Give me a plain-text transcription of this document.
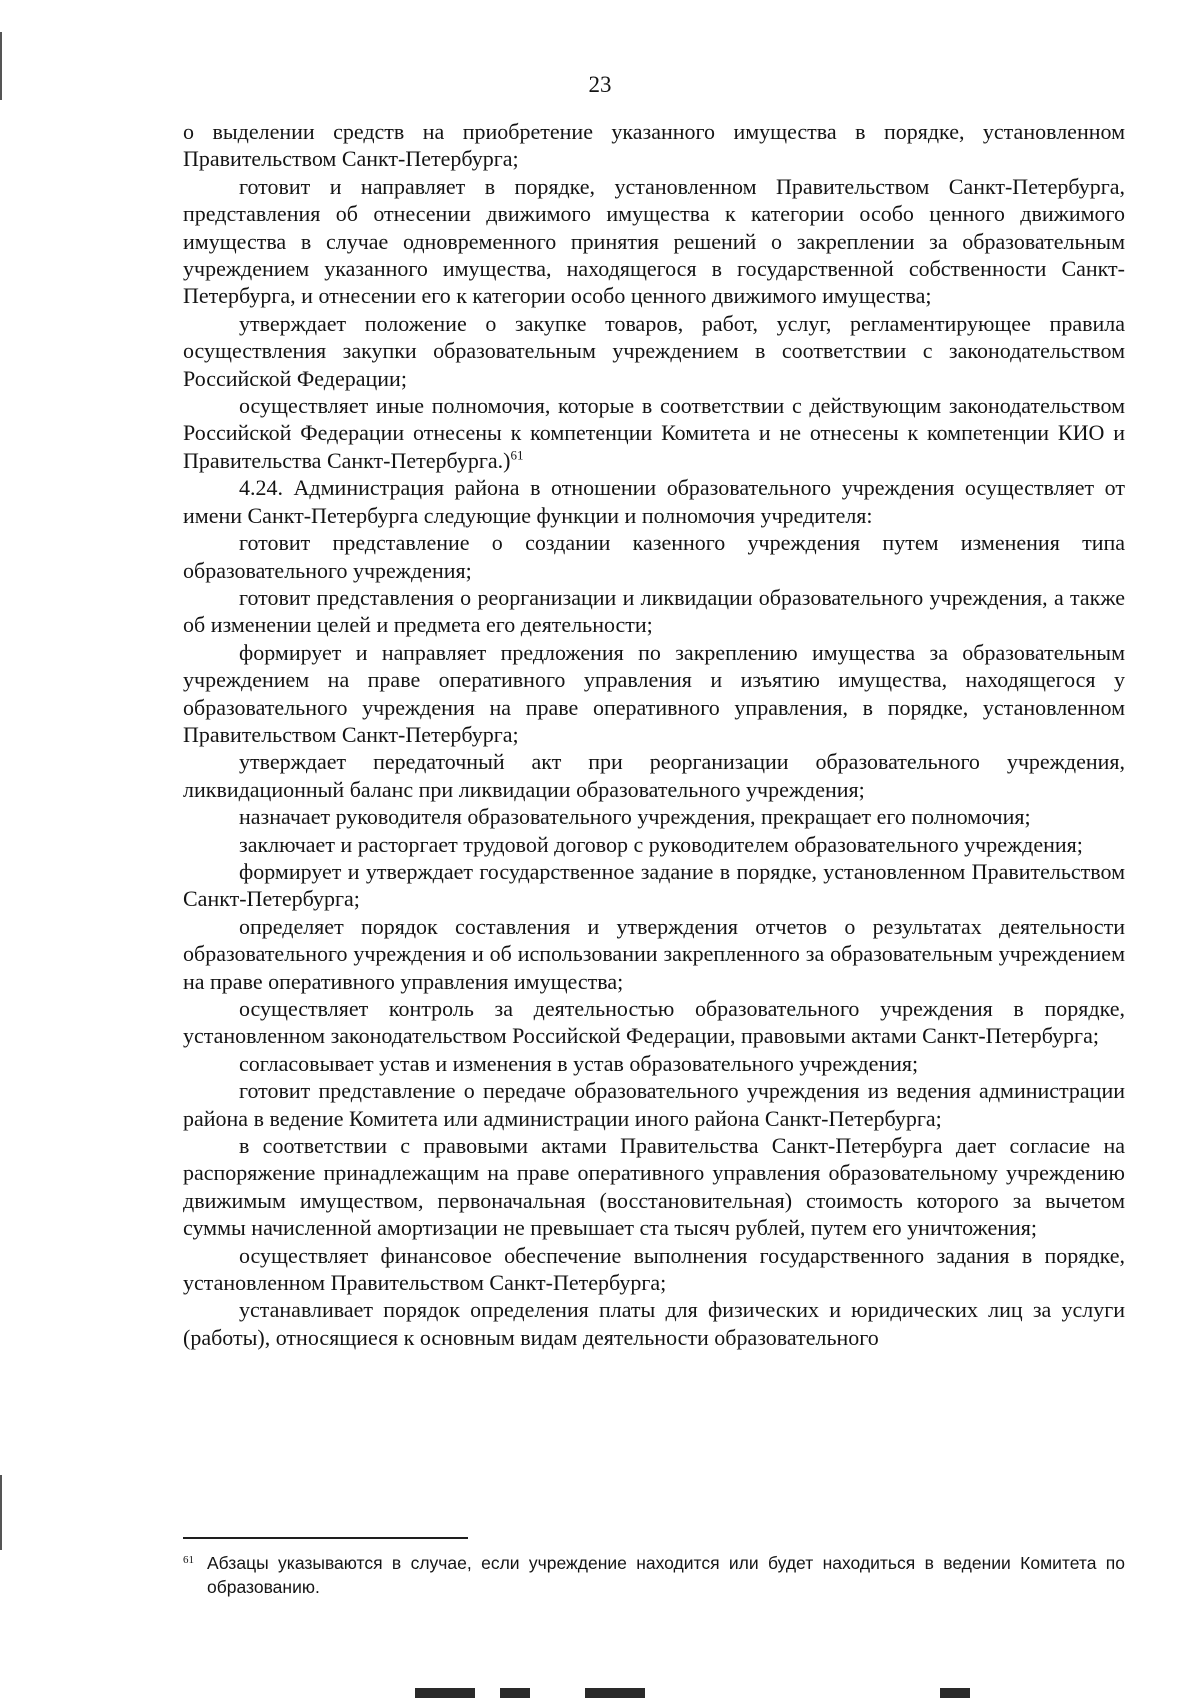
23

о выделении средств на приобретение указанного имущества в порядке, установленном Правительством Санкт-Петербурга;

готовит и направляет в порядке, установленном Правительством Санкт-Петербурга, представления об отнесении движимого имущества к категории особо ценного движимого имущества в случае одновременного принятия решений о закреплении за образовательным учреждением указанного имущества, находящегося в государственной собственности Санкт-Петербурга, и отнесении его к категории особо ценного движимого имущества;

утверждает положение о закупке товаров, работ, услуг, регламентирующее правила осуществления закупки образовательным учреждением в соответствии с законодательством Российской Федерации;

осуществляет иные полномочия, которые в соответствии с действующим законодательством Российской Федерации отнесены к компетенции Комитета и не отнесены к компетенции КИО и Правительства Санкт-Петербурга.)$^{61}$

4.24. Администрация района в отношении образовательного учреждения осуществляет от имени Санкт-Петербурга следующие функции и полномочия учредителя:

готовит представление о создании казенного учреждения путем изменения типа образовательного учреждения;

готовит представления о реорганизации и ликвидации образовательного учреждения, а также об изменении целей и предмета его деятельности;

формирует и направляет предложения по закреплению имущества за образовательным учреждением на праве оперативного управления и изъятию имущества, находящегося у образовательного учреждения на праве оперативного управления, в порядке, установленном Правительством Санкт-Петербурга;

утверждает передаточный акт при реорганизации образовательного учреждения, ликвидационный баланс при ликвидации образовательного учреждения;

назначает руководителя образовательного учреждения, прекращает его полномочия;

заключает и расторгает трудовой договор с руководителем образовательного учреждения;

формирует и утверждает государственное задание в порядке, установленном Правительством Санкт-Петербурга;

определяет порядок составления и утверждения отчетов о результатах деятельности образовательного учреждения и об использовании закрепленного за образовательным учреждением на праве оперативного управления имущества;

осуществляет контроль за деятельностью образовательного учреждения в порядке, установленном законодательством Российской Федерации, правовыми актами Санкт-Петербурга;

согласовывает устав и изменения в устав образовательного учреждения;

готовит представление о передаче образовательного учреждения из ведения администрации района в ведение Комитета или администрации иного района Санкт-Петербурга;

в соответствии с правовыми актами Правительства Санкт-Петербурга дает согласие на распоряжение принадлежащим на праве оперативного управления образовательному учреждению движимым имуществом, первоначальная (восстановительная) стоимость которого за вычетом суммы начисленной амортизации не превышает ста тысяч рублей, путем его уничтожения;

осуществляет финансовое обеспечение выполнения государственного задания в порядке, установленном Правительством Санкт-Петербурга;

устанавливает порядок определения платы для физических и юридических лиц за услуги (работы), относящиеся к основным видам деятельности образовательного

61 Абзацы указываются в случае, если учреждение находится или будет находиться в ведении Комитета по образованию.
